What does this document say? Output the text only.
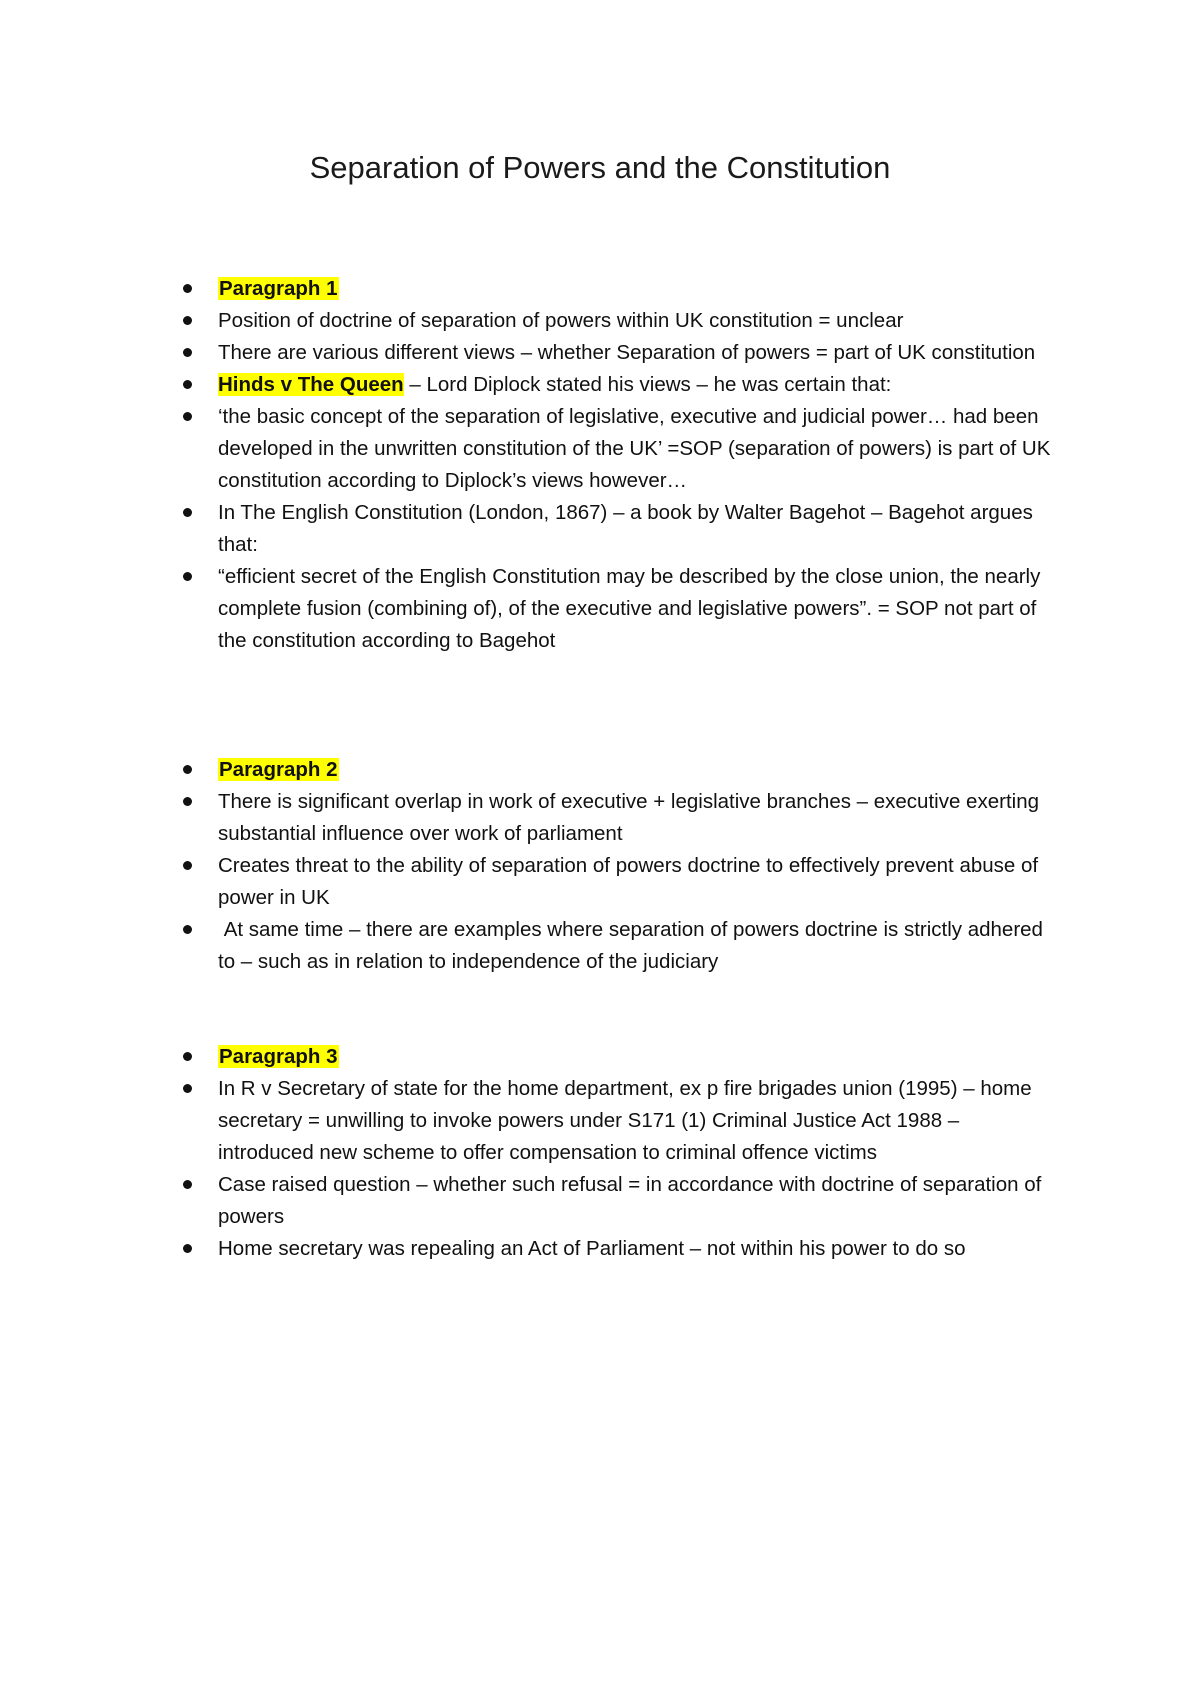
Separation of Powers and the Constitution
Paragraph 1
Position of doctrine of separation of powers within UK constitution = unclear
There are various different views – whether Separation of powers = part of UK constitution
Hinds v The Queen – Lord Diplock stated his views – he was certain that:
‘the basic concept of the separation of legislative, executive and judicial power… had been developed in the unwritten constitution of the UK’ =SOP (separation of powers) is part of UK constitution according to Diplock’s views however…
In The English Constitution (London, 1867) – a book by Walter Bagehot – Bagehot argues that:
“efficient secret of the English Constitution may be described by the close union, the nearly complete fusion (combining of), of the executive and legislative powers”. = SOP not part of the constitution according to Bagehot
Paragraph 2
There is significant overlap in work of executive + legislative branches – executive exerting substantial influence over work of parliament
Creates threat to the ability of separation of powers doctrine to effectively prevent abuse of power in UK
At same time – there are examples where separation of powers doctrine is strictly adhered to – such as in relation to independence of the judiciary
Paragraph 3
In R v Secretary of state for the home department, ex p fire brigades union (1995) – home secretary = unwilling to invoke powers under S171 (1) Criminal Justice Act 1988 – introduced new scheme to offer compensation to criminal offence victims
Case raised question – whether such refusal = in accordance with doctrine of separation of powers
Home secretary was repealing an Act of Parliament – not within his power to do so
